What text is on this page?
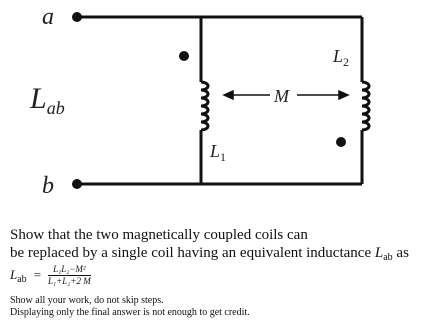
a
b
$L_{ab}$
$L_1$
$L_2$
M

Show that the two magnetically coupled coils can

be replaced by a single coil having an equivalent inductance $L_{ab}$ as

$L_{ab} = \frac{\text{L₁L₂−M²}}{\text{L₁+L₂+2 M}}$

Show all your work, do not skip steps.

Displaying only the final answer is not enough to get credit.
